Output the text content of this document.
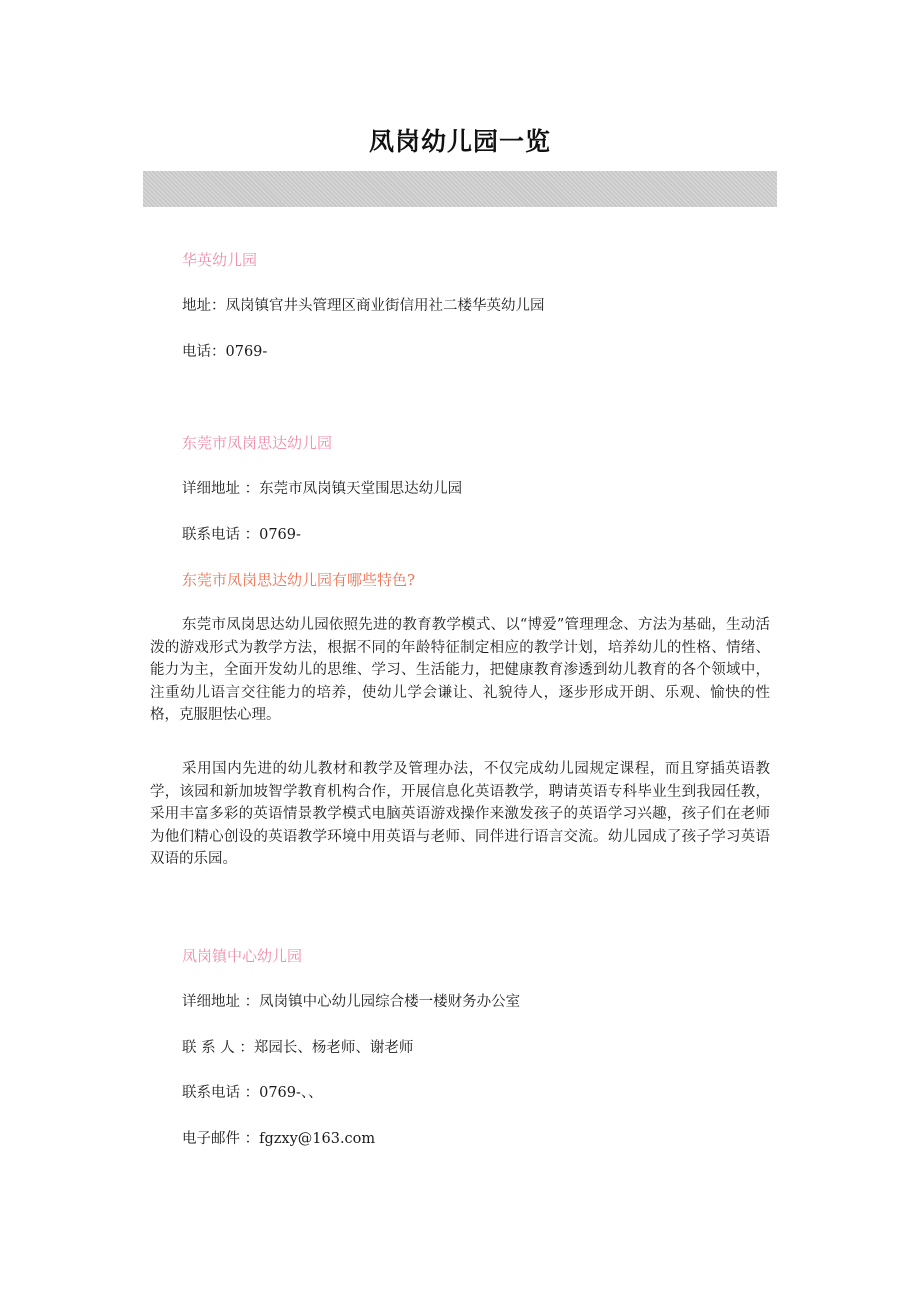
凤岗幼儿园一览

华英幼儿园

地址：凤岗镇官井头管理区商业街信用社二楼华英幼儿园

电话：0769-

东莞市凤岗思达幼儿园

详细地址 ：东莞市凤岗镇天堂围思达幼儿园

联系电话 ：0769-

东莞市凤岗思达幼儿园有哪些特色?

东莞市凤岗思达幼儿园依照先进的教育教学模式、以“博爱”管理理念、方法为基础，生动活泼的游戏形式为教学方法，根据不同的年龄特征制定相应的教学计划，培养幼儿的性格、情绪、能力为主，全面开发幼儿的思维、学习、生活能力，把健康教育渗透到幼儿教育的各个领域中，注重幼儿语言交往能力的培养，使幼儿学会谦让、礼貌待人，逐步形成开朗、乐观、愉快的性格，克服胆怯心理。

采用国内先进的幼儿教材和教学及管理办法，不仅完成幼儿园规定课程，而且穿插英语教学，该园和新加坡智学教育机构合作，开展信息化英语教学，聘请英语专科毕业生到我园任教，采用丰富多彩的英语情景教学模式电脑英语游戏操作来激发孩子的英语学习兴趣，孩子们在老师为他们精心创设的英语教学环境中用英语与老师、同伴进行语言交流。幼儿园成了孩子学习英语双语的乐园。

凤岗镇中心幼儿园

详细地址 ：凤岗镇中心幼儿园综合楼一楼财务办公室

联 系 人 ：郑园长、杨老师、谢老师

联系电话 ：0769-、、

电子邮件 ：fgzxy@163.com
